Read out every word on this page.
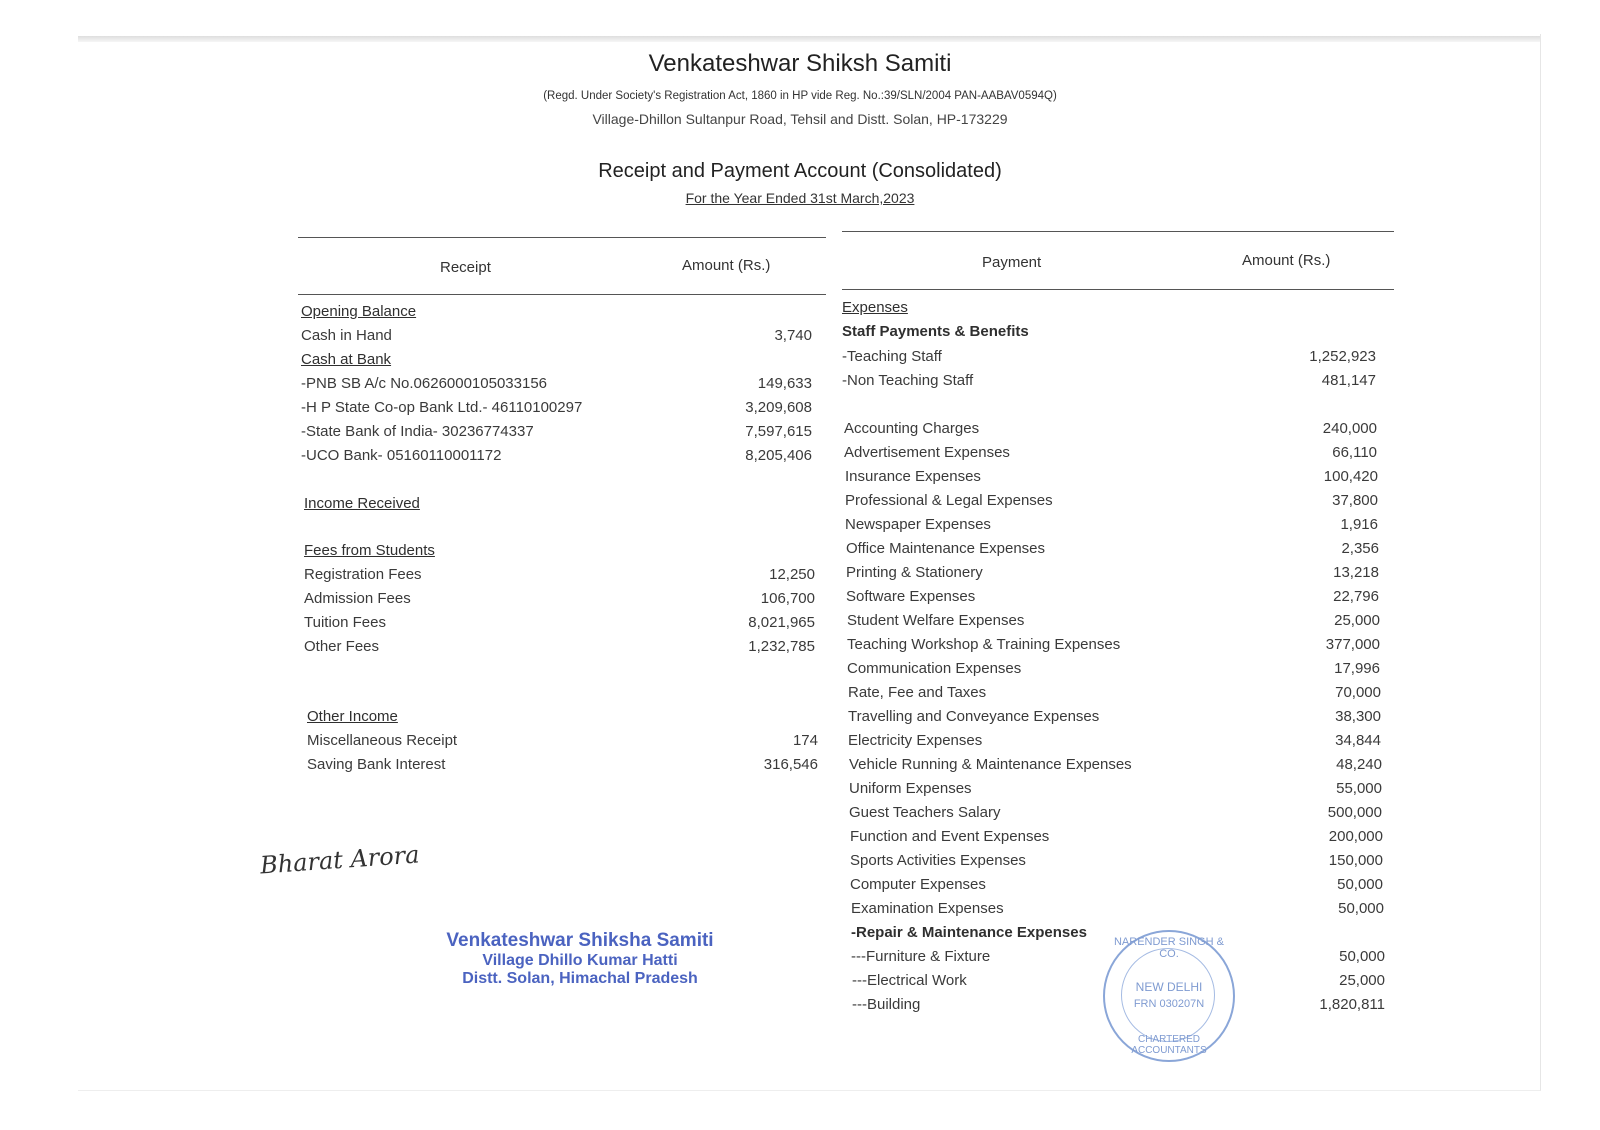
Venkateshwar Shiksh Samiti
(Regd. Under Society's Registration Act, 1860 in HP vide Reg. No.:39/SLN/2004 PAN-AABAV0594Q)
Village-Dhillon Sultanpur Road, Tehsil and Distt. Solan, HP-173229
Receipt and Payment Account (Consolidated)
For the Year Ended 31st March,2023
Receipt	Amount (Rs.)	Payment	Amount (Rs.)
Opening Balance
Cash in Hand	3,740
Cash at Bank
-PNB SB A/c No.0626000105033156	149,633
-H P State Co-op Bank Ltd.- 46110100297	3,209,608
-State Bank of India- 30236774337	7,597,615
-UCO Bank- 05160110001172	8,205,406
Income Received
Fees from Students
Registration Fees	12,250
Admission Fees	106,700
Tuition Fees	8,021,965
Other Fees	1,232,785
Other Income
Miscellaneous Receipt	174
Saving Bank Interest	316,546
Expenses
Staff Payments & Benefits
-Teaching Staff	1,252,923
-Non Teaching Staff	481,147
Accounting Charges	240,000
Advertisement Expenses	66,110
Insurance Expenses	100,420
Professional & Legal Expenses	37,800
Newspaper Expenses	1,916
Office Maintenance Expenses	2,356
Printing & Stationery	13,218
Software Expenses	22,796
Student Welfare Expenses	25,000
Teaching Workshop & Training Expenses	377,000
Communication Expenses	17,996
Rate, Fee and Taxes	70,000
Travelling and Conveyance Expenses	38,300
Electricity Expenses	34,844
Vehicle Running & Maintenance Expenses	48,240
Uniform Expenses	55,000
Guest Teachers Salary	500,000
Function and Event Expenses	200,000
Sports Activities Expenses	150,000
Computer Expenses	50,000
Examination Expenses	50,000
-Repair & Maintenance Expenses
---Furniture & Fixture	50,000
---Electrical Work	25,000
---Building	1,820,811
Bharat Arora
Venkateshwar Shiksha Samiti
Village Dhillo Kumar Hatti
Distt. Solan, Himachal Pradesh
NARENDER SINGH & CO.
NEW DELHI
FRN 030207N
CHARTERED ACCOUNTANTS
